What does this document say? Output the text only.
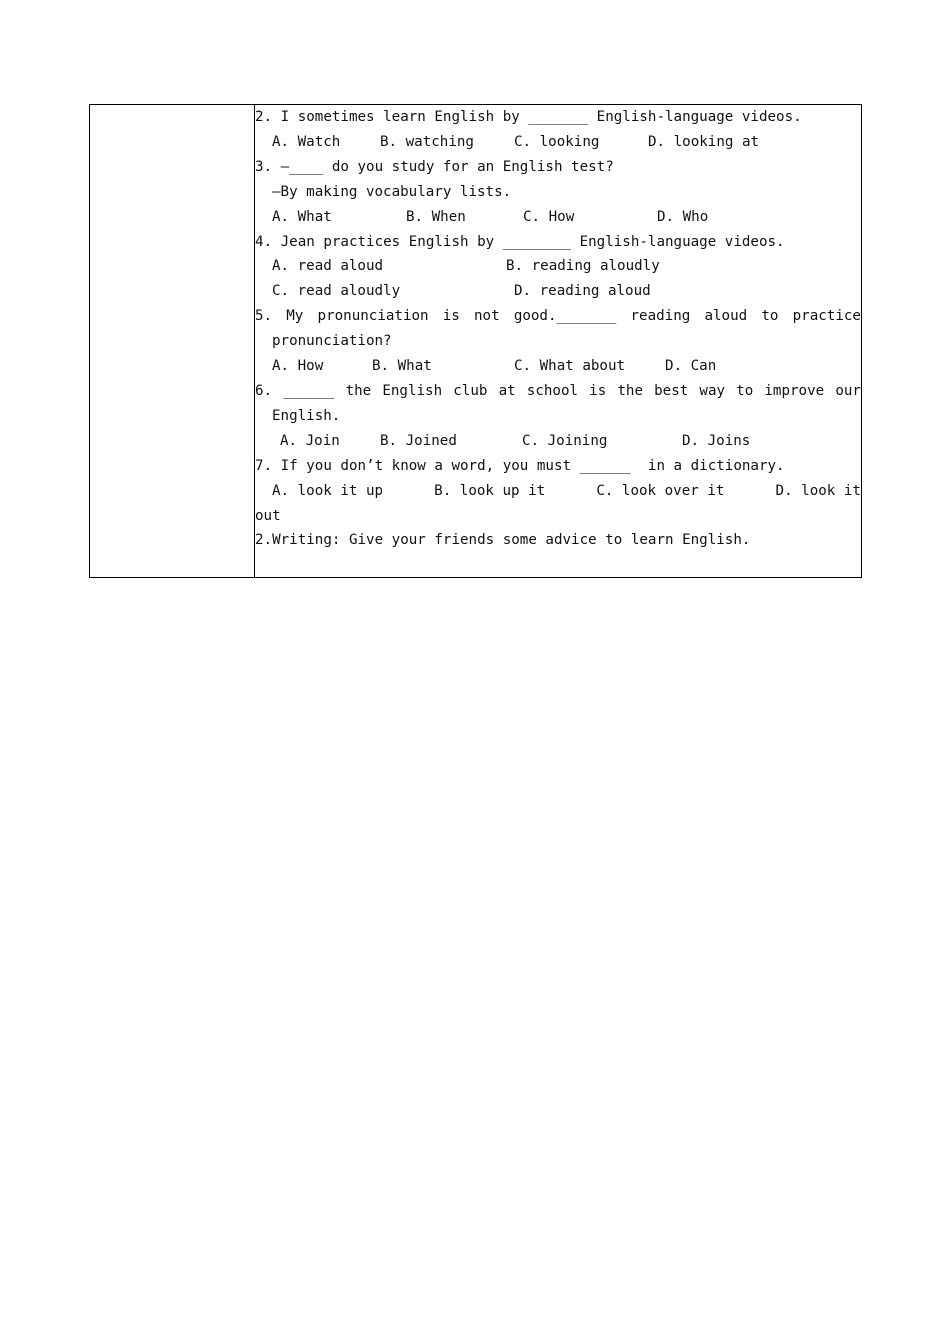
2. I sometimes learn English by _______ English-language videos.
A. Watch	B. watching	C. looking	D. looking at
3. —____ do you study for an English test?
—By making vocabulary lists.
A. What	B. When	C. How	D. Who
4. Jean practices English by ________ English-language videos.
A. read aloud	B. reading aloudly
C. read aloudly	D. reading aloud
5. My pronunciation is not good._______ reading aloud to practice
pronunciation?
A. How	B. What	C. What about	D. Can
6. ______ the English club at school is the best way to improve our
English.
A. Join	B. Joined	C. Joining	D. Joins
7. If you don’t know a word, you must ______  in a dictionary.
A. look it up	B. look up it	C. look over it	D. look it
out
2.Writing: Give your friends some advice to learn English.
